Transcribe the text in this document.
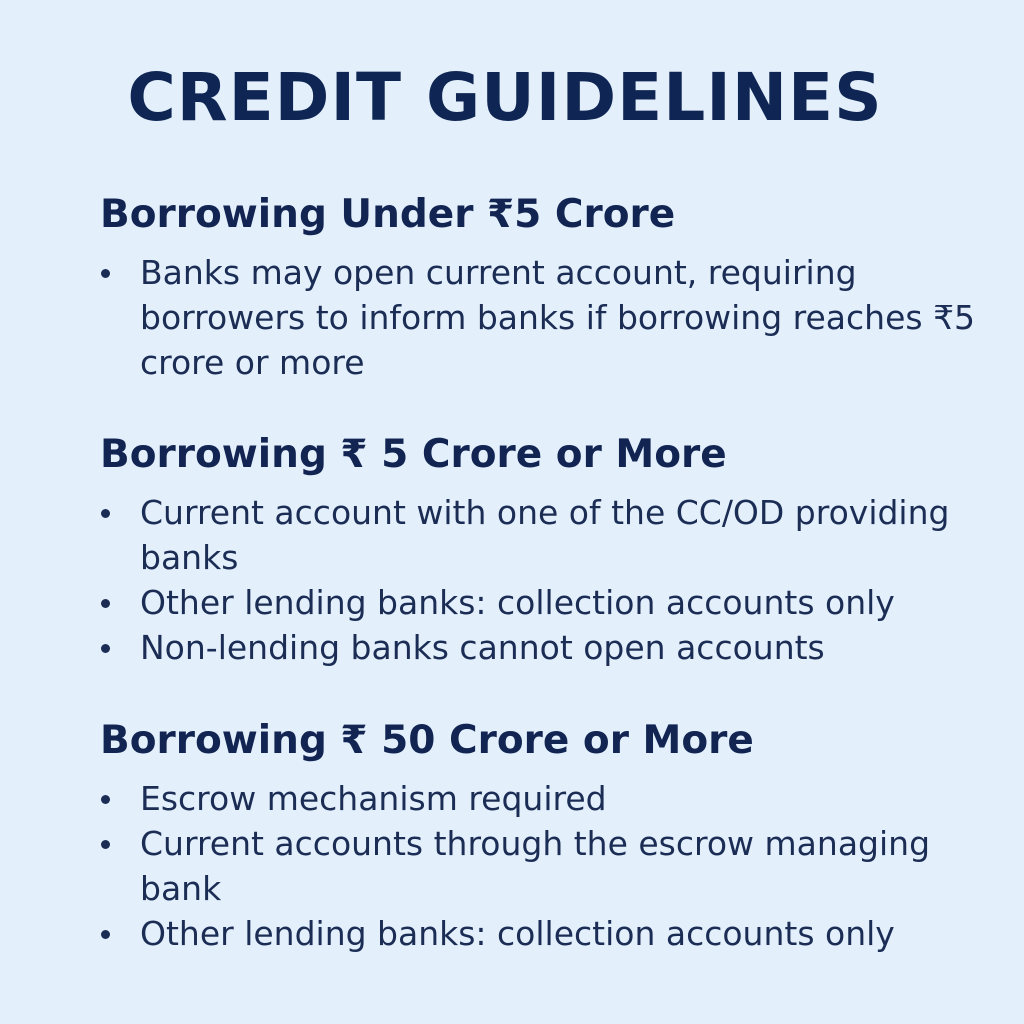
CREDIT GUIDELINES
Borrowing Under ₹5 Crore
Banks may open current account, requiring borrowers to inform banks if borrowing reaches ₹5 crore or more
Borrowing ₹ 5 Crore or More
Current account with one of the CC/OD providing banks
Other lending banks: collection accounts only
Non-lending banks cannot open accounts
Borrowing ₹ 50 Crore or More
Escrow mechanism required
Current accounts through the escrow managing bank
Other lending banks: collection accounts only
